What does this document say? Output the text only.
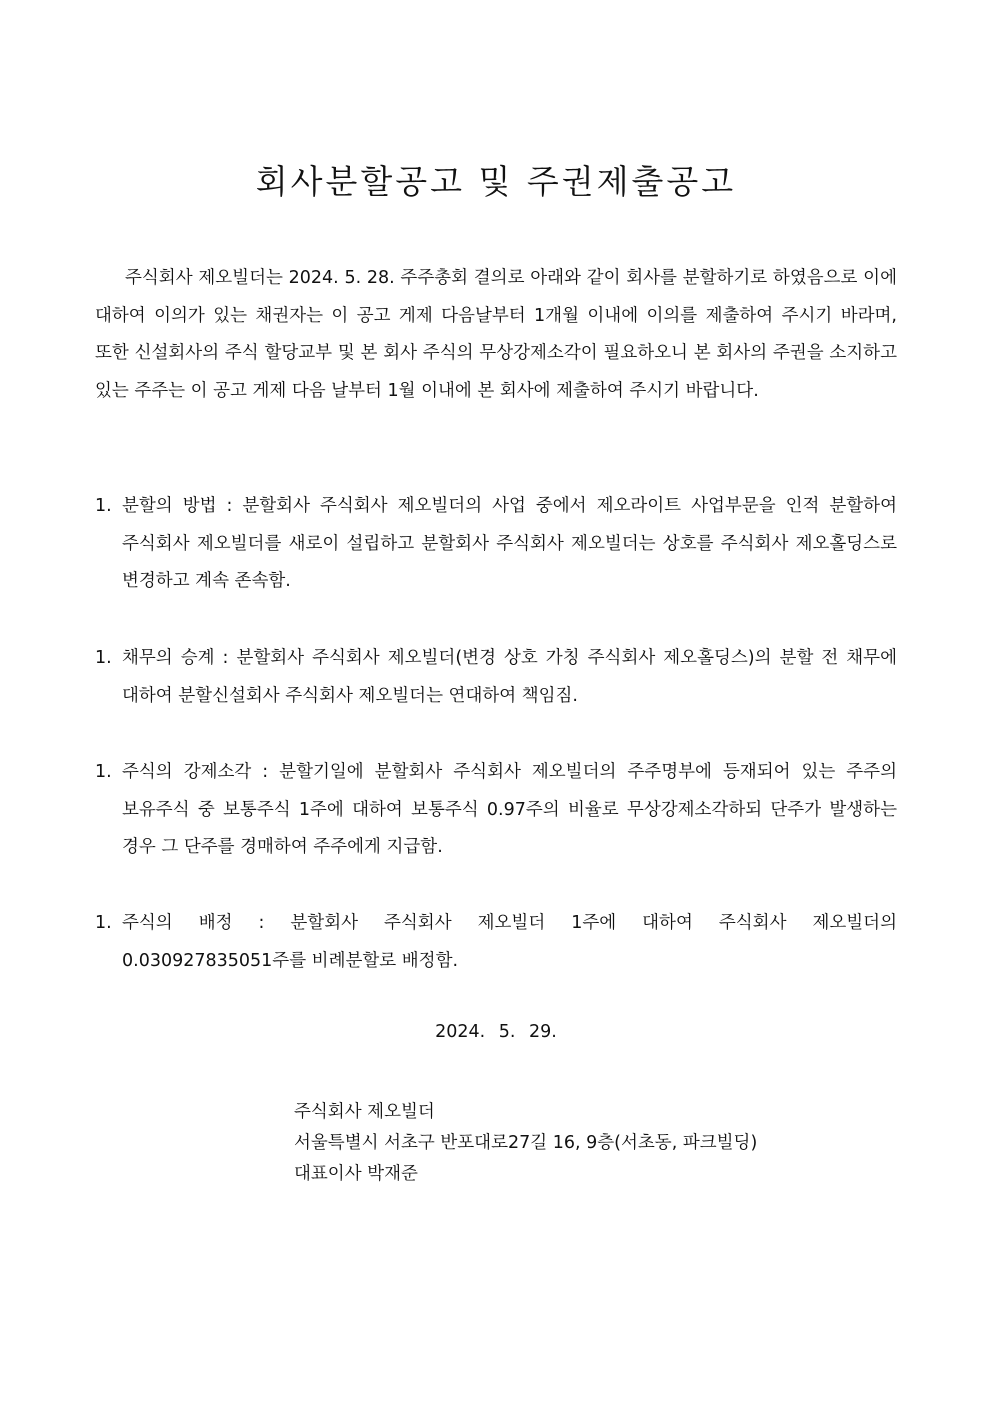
회사분할공고 및 주권제출공고

주식회사 제오빌더는 2024. 5. 28. 주주총회 결의로 아래와 같이 회사를 분할하기로 하였음으로 이에 대하여 이의가 있는 채권자는 이 공고 게제 다음날부터 1개월 이내에 이의를 제출하여 주시기 바라며, 또한 신설회사의 주식 할당교부 및 본 회사 주식의 무상강제소각이 필요하오니 본 회사의 주권을 소지하고 있는 주주는 이 공고 게제 다음 날부터 1월 이내에 본 회사에 제출하여 주시기 바랍니다.

1. 분할의 방법 : 분할회사 주식회사 제오빌더의 사업 중에서 제오라이트 사업부문을 인적 분할하여 주식회사 제오빌더를 새로이 설립하고 분할회사 주식회사 제오빌더는 상호를 주식회사 제오홀딩스로 변경하고 계속 존속함.
1. 채무의 승계 : 분할회사 주식회사 제오빌더(변경 상호 가칭 주식회사 제오홀딩스)의 분할 전 채무에 대하여 분할신설회사 주식회사 제오빌더는 연대하여 책임짐.
1. 주식의 강제소각 : 분할기일에 분할회사 주식회사 제오빌더의 주주명부에 등재되어 있는 주주의 보유주식 중 보통주식 1주에 대하여 보통주식 0.97주의 비율로 무상강제소각하되 단주가 발생하는 경우 그 단주를 경매하여 주주에게 지급함.
1. 주식의 배정 : 분할회사 주식회사 제오빌더 1주에 대하여 주식회사 제오빌더의 0.030927835051주를 비례분할로 배정함.
2024. 5. 29.
주식회사 제오빌더
서울특별시 서초구 반포대로27길 16, 9층(서초동, 파크빌딩)
대표이사 박재준
